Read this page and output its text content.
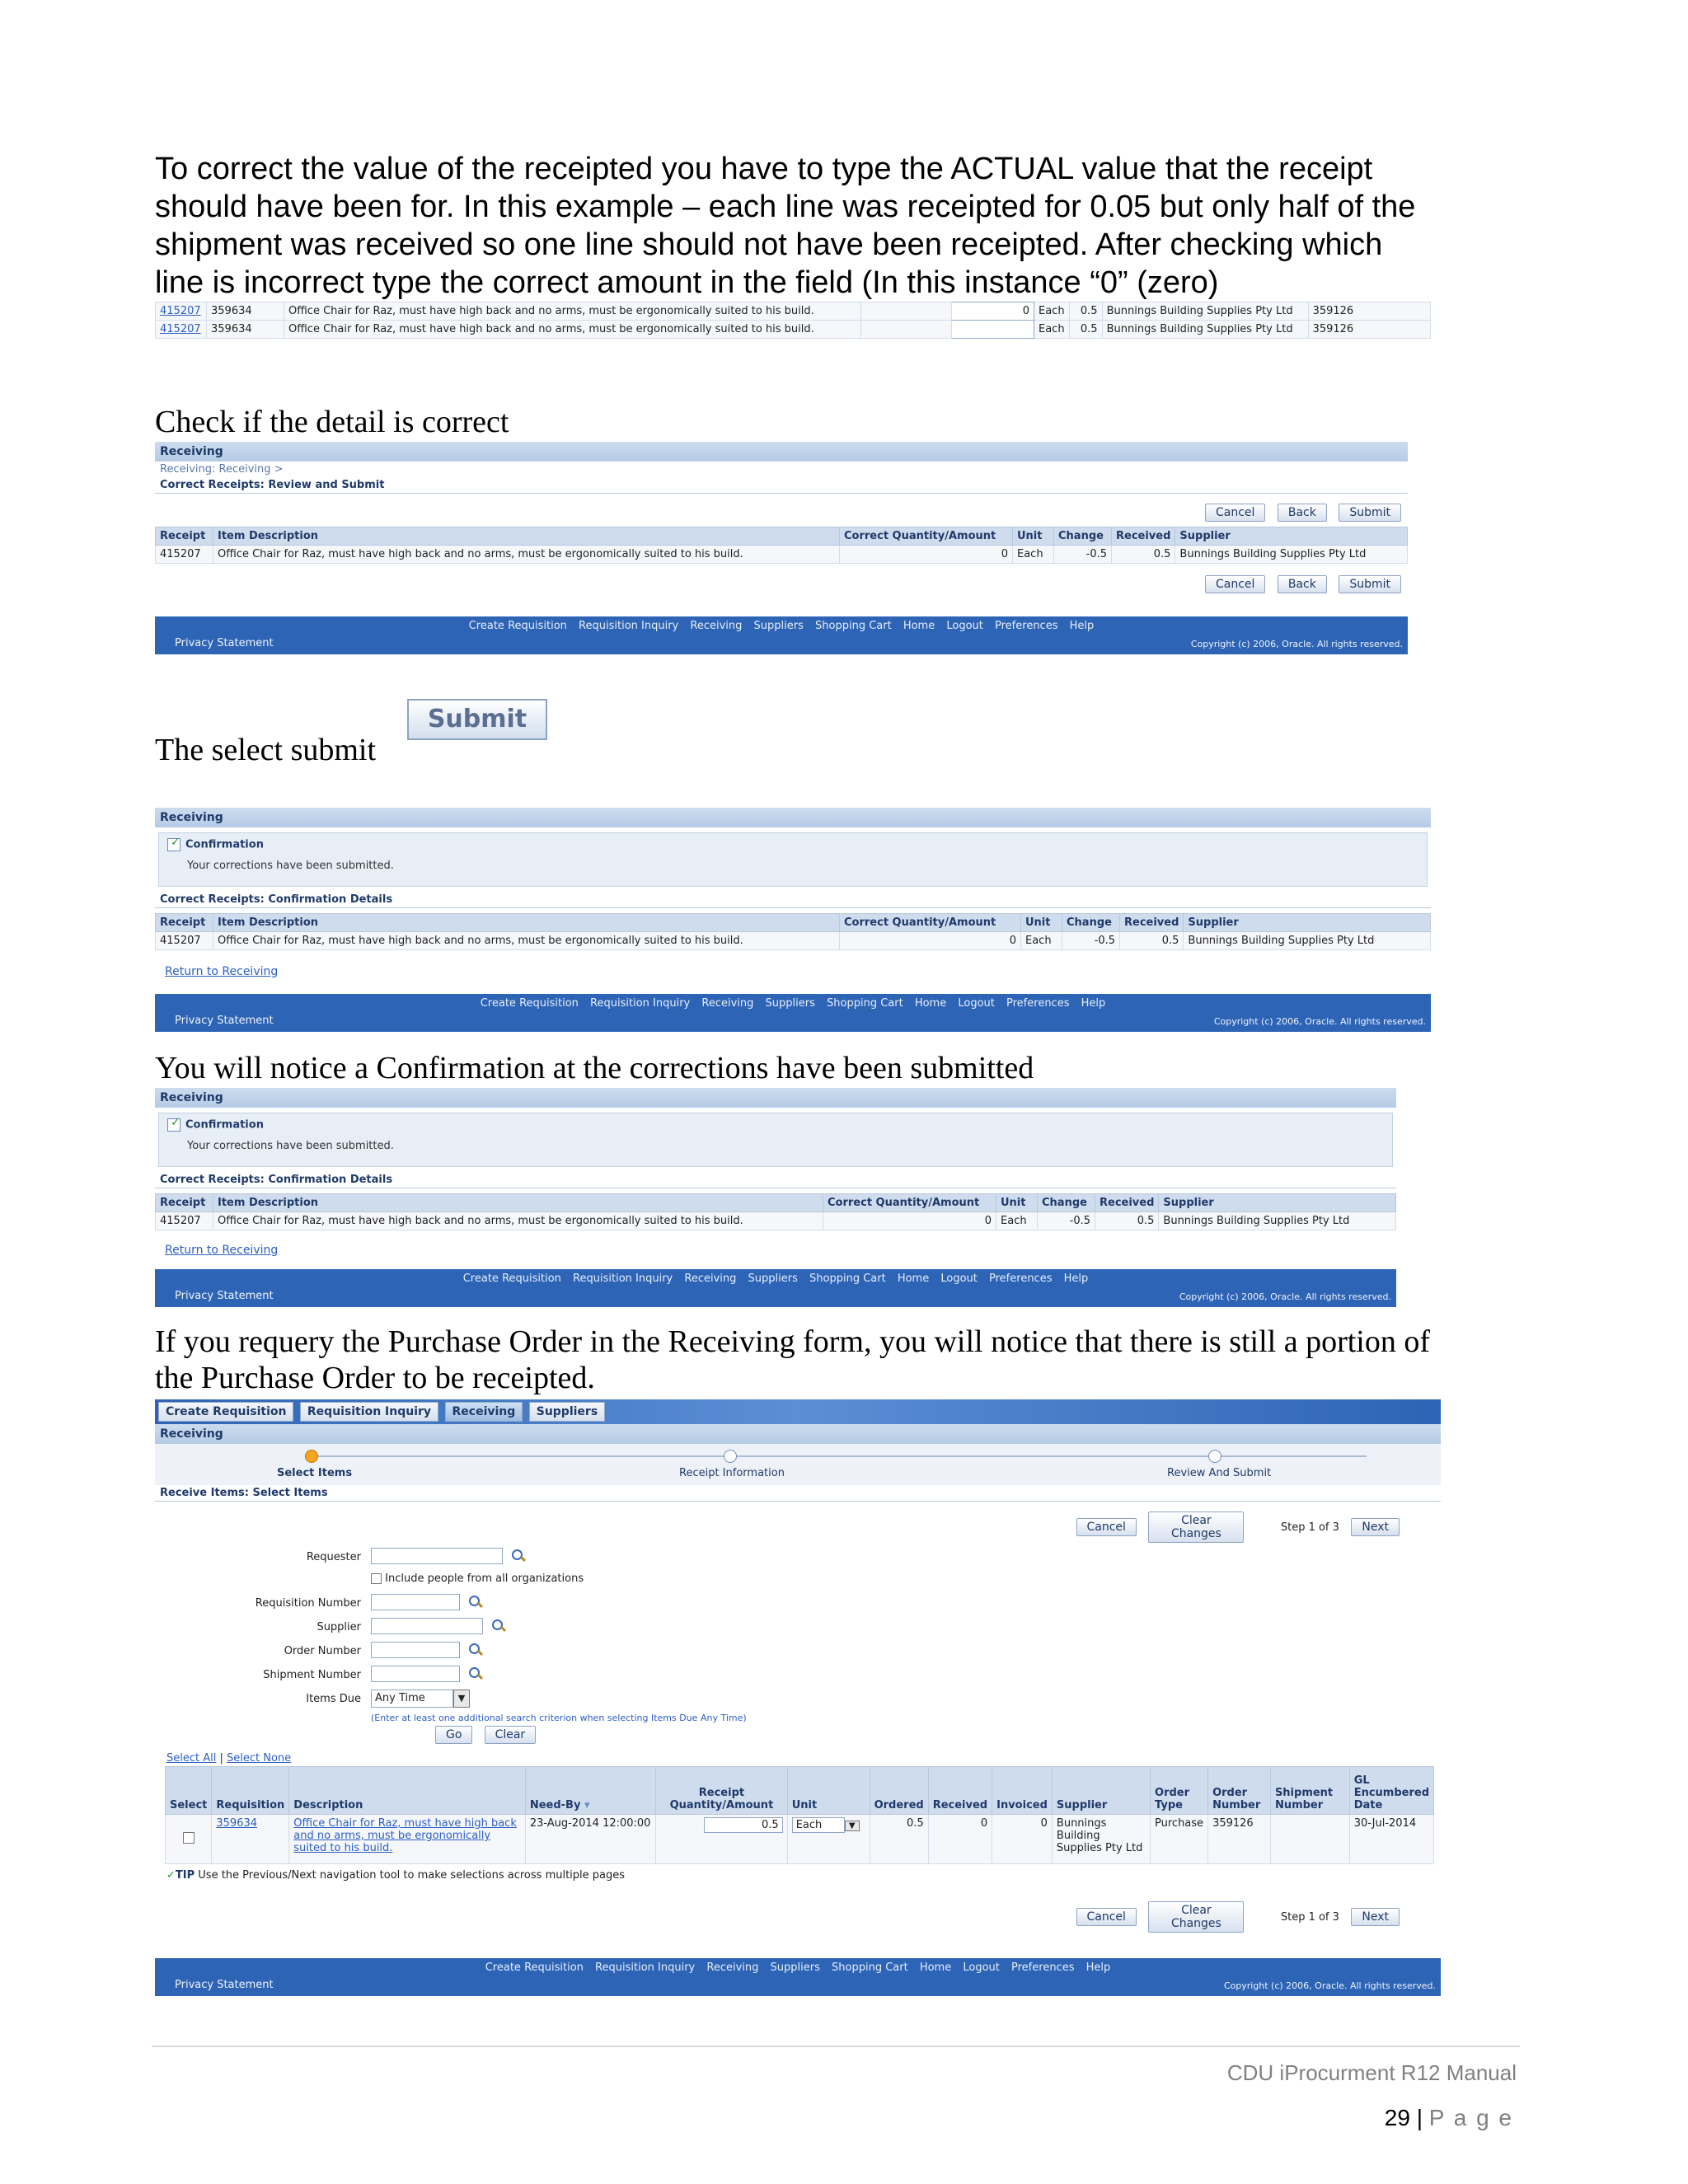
To correct the value of the receipted you have to type the ACTUAL value that the receipt
should have been for. In this example – each line was receipted for 0.05 but only half of the
shipment was received so one line should not have been receipted. After checking which
line is incorrect type the correct amount in the field (In this instance “0” (zero)
415207	359634	Office Chair for Raz, must have high back and no arms, must be ergonomically suited to his build.		0	Each	0.5	Bunnings Building Supplies Pty Ltd	359126
415207	359634	Office Chair for Raz, must have high back and no arms, must be ergonomically suited to his build.			Each	0.5	Bunnings Building Supplies Pty Ltd	359126
Check if the detail is correct
Receiving
Receiving: Receiving >
Correct Receipts: Review and Submit
Cancel	Back	Submit
Receipt	Item Description	Correct Quantity/Amount	Unit	Change	Received	Supplier
415207	Office Chair for Raz, must have high back and no arms, must be ergonomically suited to his build.	0	Each	-0.5	0.5	Bunnings Building Supplies Pty Ltd
Cancel	Back	Submit
Create Requisition Requisition Inquiry Receiving Suppliers Shopping Cart Home Logout Preferences Help
Privacy Statement	Copyright (c) 2006, Oracle. All rights reserved.
Submit
The select submit
Receiving
✓Confirmation
Your corrections have been submitted.
Correct Receipts: Confirmation Details
Receipt	Item Description	Correct Quantity/Amount	Unit	Change	Received	Supplier
415207	Office Chair for Raz, must have high back and no arms, must be ergonomically suited to his build.	0	Each	-0.5	0.5	Bunnings Building Supplies Pty Ltd
Return to Receiving
Create Requisition Requisition Inquiry Receiving Suppliers Shopping Cart Home Logout Preferences Help
Privacy Statement	Copyright (c) 2006, Oracle. All rights reserved.
You will notice a Confirmation at the corrections have been submitted
Receiving
✓Confirmation
Your corrections have been submitted.
Correct Receipts: Confirmation Details
Receipt	Item Description	Correct Quantity/Amount	Unit	Change	Received	Supplier
415207	Office Chair for Raz, must have high back and no arms, must be ergonomically suited to his build.	0	Each	-0.5	0.5	Bunnings Building Supplies Pty Ltd
Return to Receiving
Create Requisition Requisition Inquiry Receiving Suppliers Shopping Cart Home Logout Preferences Help
Privacy Statement	Copyright (c) 2006, Oracle. All rights reserved.
If you requery the Purchase Order in the Receiving form, you will notice that there is still a portion of
the Purchase Order to be receipted.
Create Requisition Requisition Inquiry Receiving Suppliers
Receiving
Select Items	Receipt Information	Review And Submit
Receive Items: Select Items
Cancel	Clear Changes	Step 1 of 3 Next
Requester
Include people from all organizations
Requisition Number
Supplier
Order Number
Shipment Number
Items Due	Any Time	▼
(Enter at least one additional search criterion when selecting Items Due Any Time)
Go	Clear
Select All | Select None
Select	Requisition	Description	Need-By ▾	Receipt Quantity/Amount	Unit	Ordered	Received	Invoiced	Supplier	Order Type	Order Number	Shipment Number	GL Encumbered Date
	359634	Office Chair for Raz, must have high back and no arms, must be ergonomically suited to his build.	23-Aug-2014 12:00:00	0.5	Each ▼	0.5	0	0	Bunnings Building Supplies Pty Ltd	Purchase	359126		30-Jul-2014
✓TIP Use the Previous/Next navigation tool to make selections across multiple pages
Cancel	Clear Changes	Step 1 of 3 Next
Create Requisition Requisition Inquiry Receiving Suppliers Shopping Cart Home Logout Preferences Help
Privacy Statement	Copyright (c) 2006, Oracle. All rights reserved.
CDU iProcurment R12 Manual
29 | P a g e
